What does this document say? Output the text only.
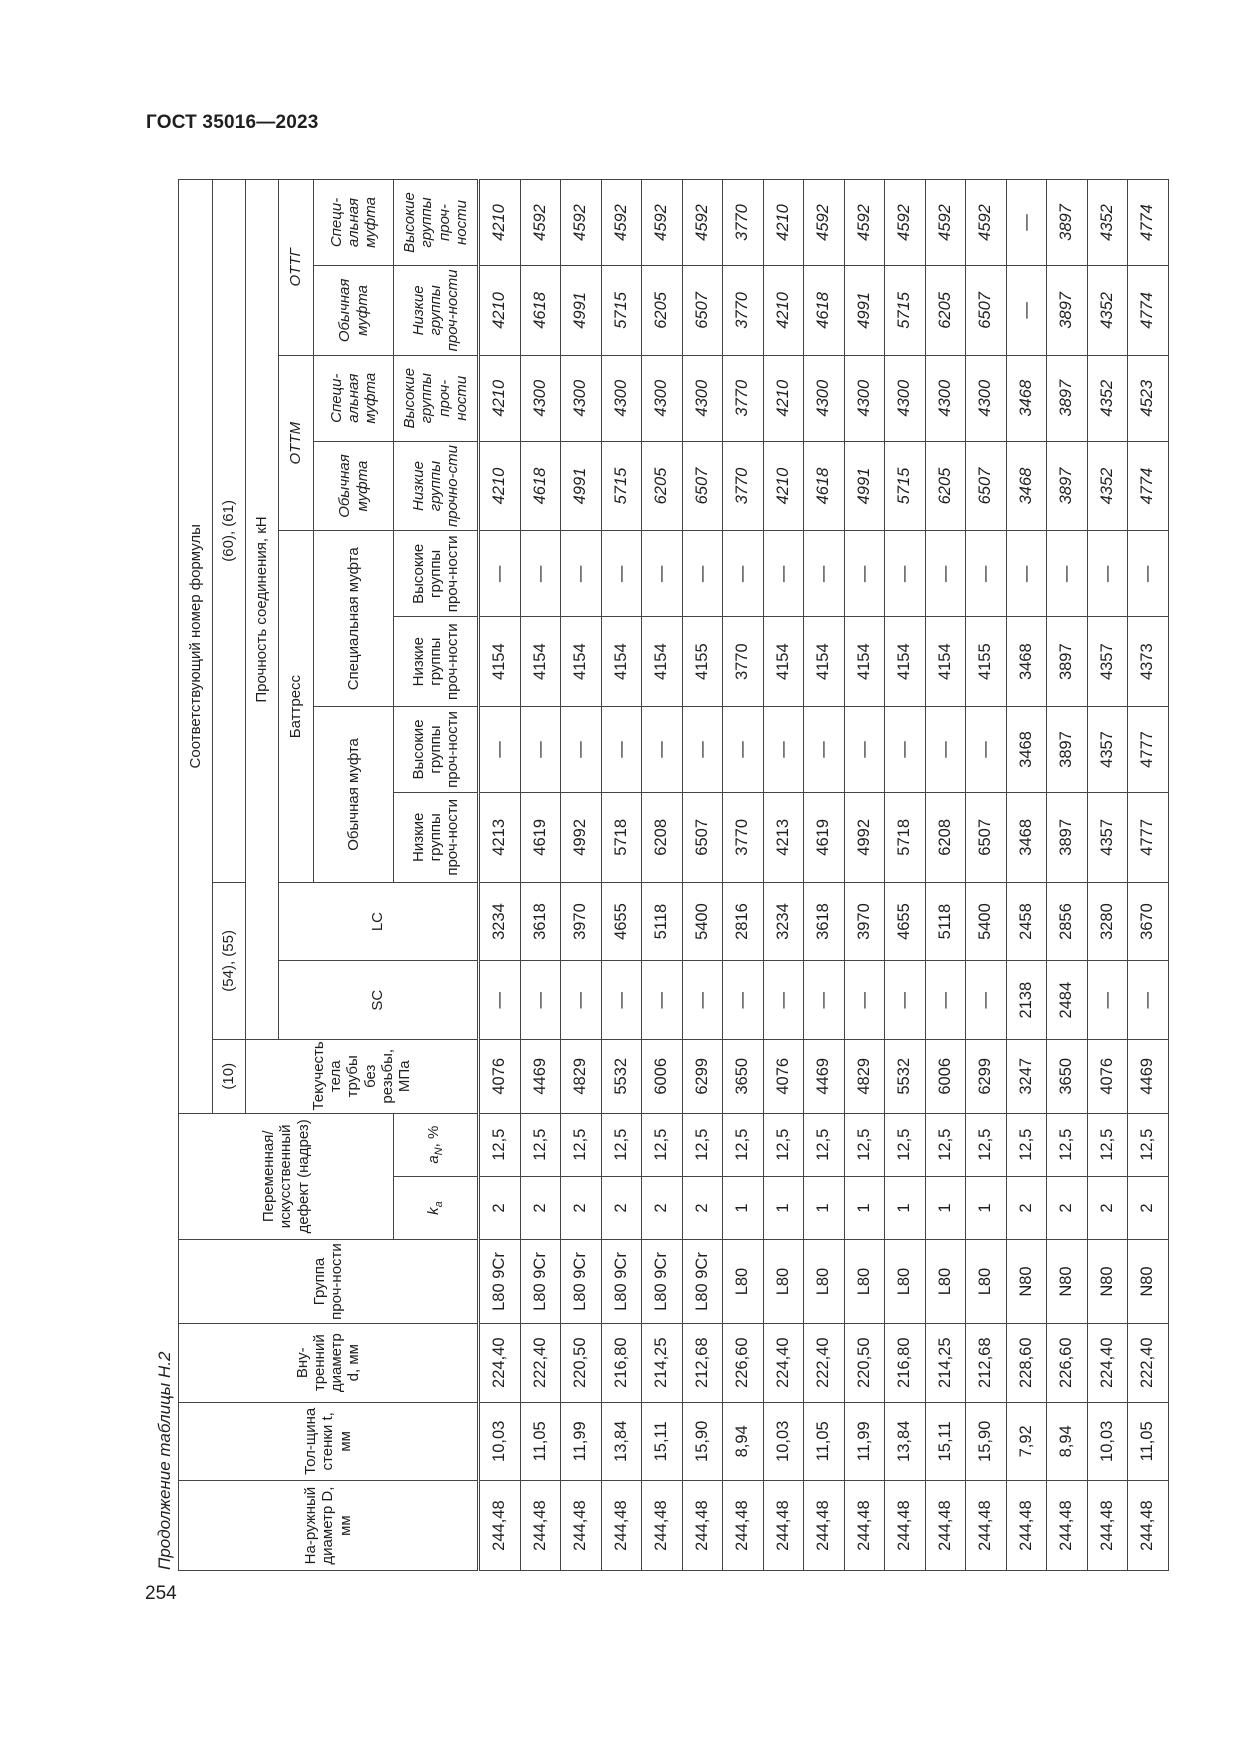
ГОСТ 35016—2023
254
Продолжение таблицы Н.2	На-ружный диаметр D, мм	Тол-щина стенки t, мм	Вну-тренний диаметр d, мм	Группа проч-ности	Переменная/ искусственный дефект (надрез)		Соответствующий номер формулы										
						(10)	(54), (55)		(60), (61)							
						Текучесть тела трубы без резьбы, МПа	Прочность соединения, кН									
							SC	LC	Баттресс				ОТТМ		ОТТГ	
									Обычная муфта		Специальная муфта		Обычная муфта	Специ-альная муфта	Обычная муфта	Специ-альная муфта
				$k_a$	$a_N$, %				Низкие группы проч-ности	Высокие группы проч-ности	Низкие группы проч-ности	Высокие группы проч-ности	Низкие группы прочно-сти	Высокие группы проч-ности	Низкие группы проч-ности	Высокие группы проч-ности
244,48	10,03	224,40	L80 9Cr	2	12,5	4076	—	3234	4213	—	4154	—	4210	4210	4210	4210
244,48	11,05	222,40	L80 9Cr	2	12,5	4469	—	3618	4619	—	4154	—	4618	4300	4618	4592
244,48	11,99	220,50	L80 9Cr	2	12,5	4829	—	3970	4992	—	4154	—	4991	4300	4991	4592
244,48	13,84	216,80	L80 9Cr	2	12,5	5532	—	4655	5718	—	4154	—	5715	4300	5715	4592
244,48	15,11	214,25	L80 9Cr	2	12,5	6006	—	5118	6208	—	4154	—	6205	4300	6205	4592
244,48	15,90	212,68	L80 9Cr	2	12,5	6299	—	5400	6507	—	4155	—	6507	4300	6507	4592
244,48	8,94	226,60	L80	1	12,5	3650	—	2816	3770	—	3770	—	3770	3770	3770	3770
244,48	10,03	224,40	L80	1	12,5	4076	—	3234	4213	—	4154	—	4210	4210	4210	4210
244,48	11,05	222,40	L80	1	12,5	4469	—	3618	4619	—	4154	—	4618	4300	4618	4592
244,48	11,99	220,50	L80	1	12,5	4829	—	3970	4992	—	4154	—	4991	4300	4991	4592
244,48	13,84	216,80	L80	1	12,5	5532	—	4655	5718	—	4154	—	5715	4300	5715	4592
244,48	15,11	214,25	L80	1	12,5	6006	—	5118	6208	—	4154	—	6205	4300	6205	4592
244,48	15,90	212,68	L80	1	12,5	6299	—	5400	6507	—	4155	—	6507	4300	6507	4592
244,48	7,92	228,60	N80	2	12,5	3247	2138	2458	3468	3468	3468	—	3468	3468	—	—
244,48	8,94	226,60	N80	2	12,5	3650	2484	2856	3897	3897	3897	—	3897	3897	3897	3897
244,48	10,03	224,40	N80	2	12,5	4076	—	3280	4357	4357	4357	—	4352	4352	4352	4352
244,48	11,05	222,40	N80	2	12,5	4469	—	3670	4777	4777	4373	—	4774	4523	4774	4774
